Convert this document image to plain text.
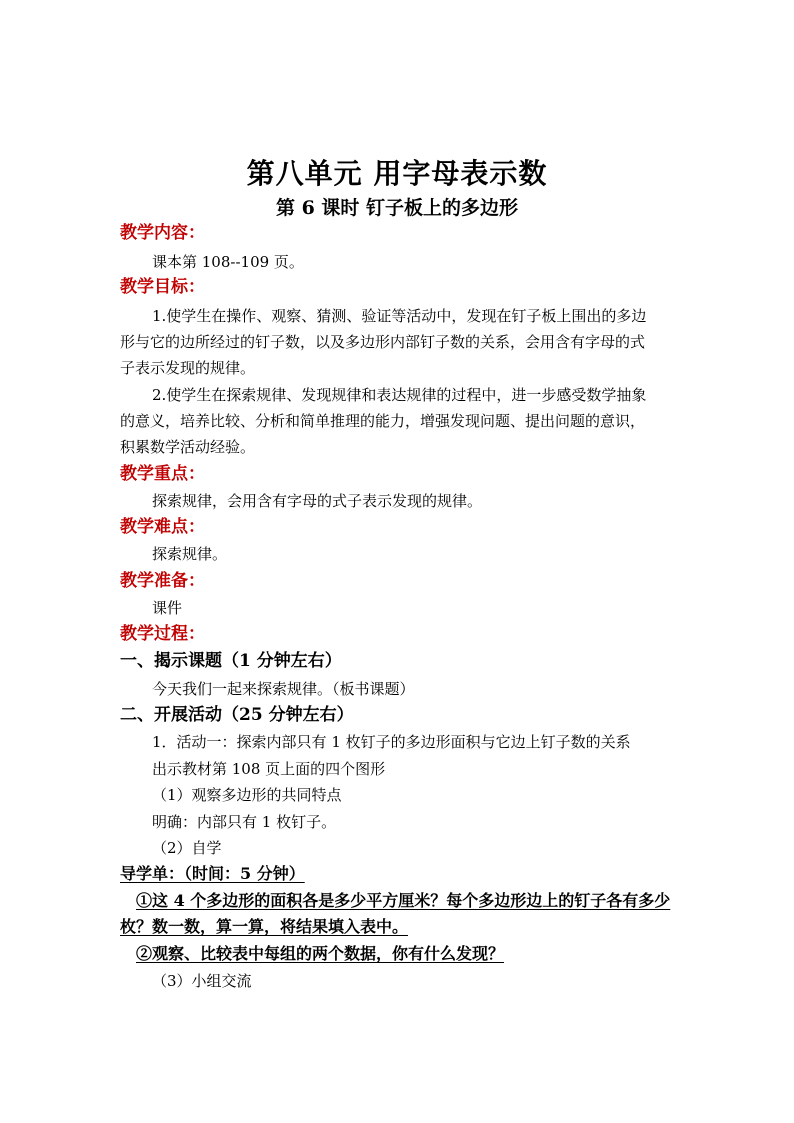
第八单元 用字母表示数
第 6 课时 钉子板上的多边形
教学内容：
课本第 108--109 页。
教学目标：
1.使学生在操作、观察、猜测、验证等活动中，发现在钉子板上围出的多边
形与它的边所经过的钉子数，以及多边形内部钉子数的关系，会用含有字母的式
子表示发现的规律。
2.使学生在探索规律、发现规律和表达规律的过程中，进一步感受数学抽象
的意义，培养比较、分析和简单推理的能力，增强发现问题、提出问题的意识，
积累数学活动经验。
教学重点：
探索规律，会用含有字母的式子表示发现的规律。
教学难点：
探索规律。
教学准备：
课件
教学过程：
一、揭示课题（1 分钟左右）
今天我们一起来探索规律。（板书课题）
二、开展活动（25 分钟左右）
1．活动一：探索内部只有 1 枚钉子的多边形面积与它边上钉子数的关系
出示教材第 108 页上面的四个图形
（1）观察多边形的共同特点
明确：内部只有 1 枚钉子。
（2）自学
导学单：（时间：5 分钟）
①这 4 个多边形的面积各是多少平方厘米？每个多边形边上的钉子各有多少
枚？数一数，算一算，将结果填入表中。
②观察、比较表中每组的两个数据，你有什么发现？
（3）小组交流
